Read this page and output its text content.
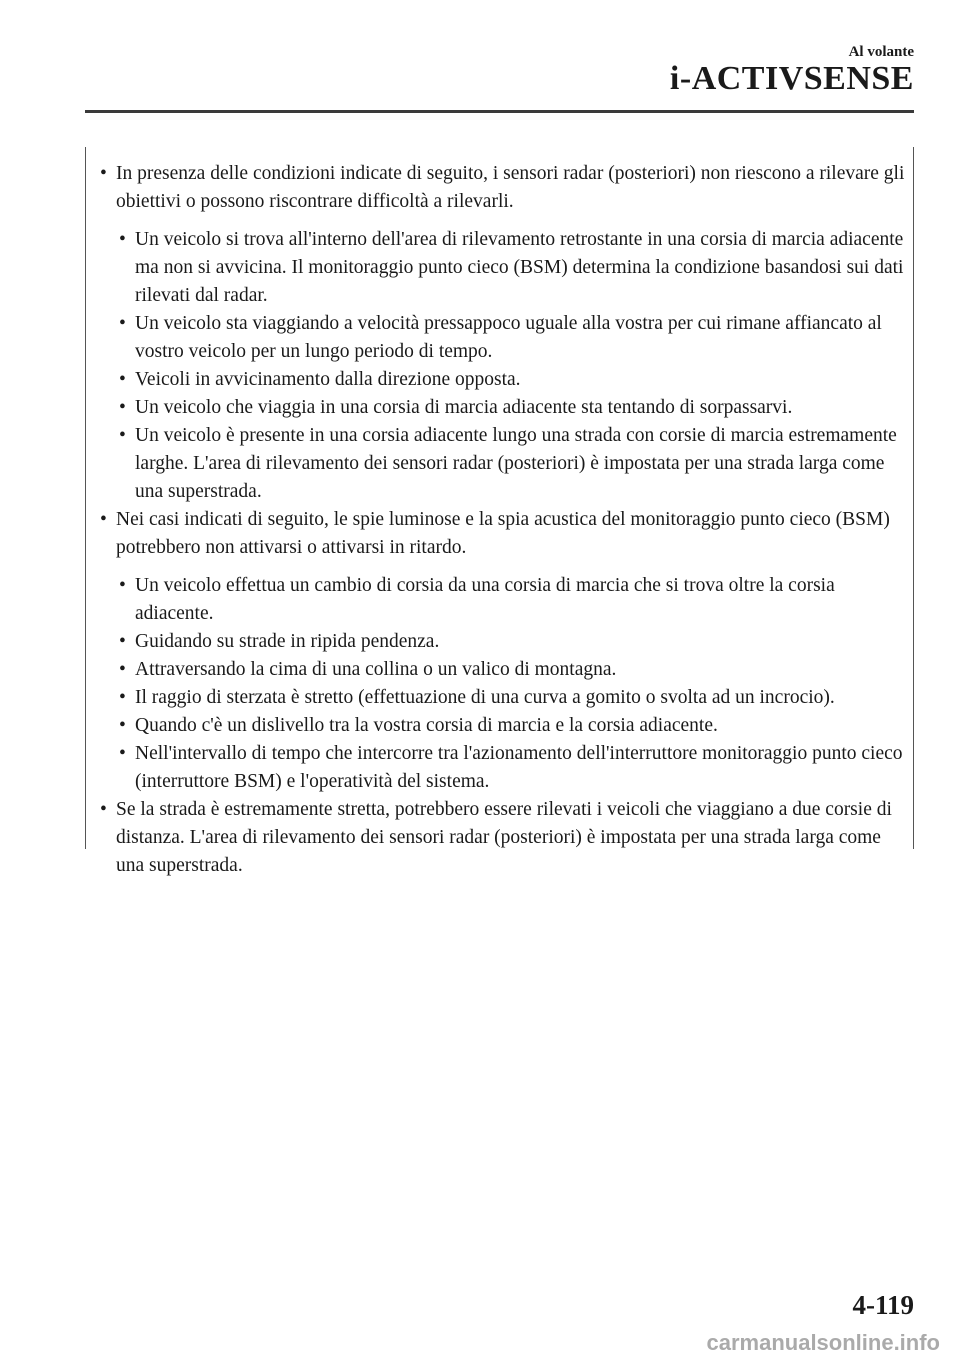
Al volante
i-ACTIVSENSE
• In presenza delle condizioni indicate di seguito, i sensori radar (posteriori) non riescono a rilevare gli obiettivi o possono riscontrare difficoltà a rilevarli.
• Un veicolo si trova all'interno dell'area di rilevamento retrostante in una corsia di marcia adiacente ma non si avvicina. Il monitoraggio punto cieco (BSM) determina la condizione basandosi sui dati rilevati dal radar.
• Un veicolo sta viaggiando a velocità pressappoco uguale alla vostra per cui rimane affiancato al vostro veicolo per un lungo periodo di tempo.
• Veicoli in avvicinamento dalla direzione opposta.
• Un veicolo che viaggia in una corsia di marcia adiacente sta tentando di sorpassarvi.
• Un veicolo è presente in una corsia adiacente lungo una strada con corsie di marcia estremamente larghe. L'area di rilevamento dei sensori radar (posteriori) è impostata per una strada larga come una superstrada.
• Nei casi indicati di seguito, le spie luminose e la spia acustica del monitoraggio punto cieco (BSM) potrebbero non attivarsi o attivarsi in ritardo.
• Un veicolo effettua un cambio di corsia da una corsia di marcia che si trova oltre la corsia adiacente.
• Guidando su strade in ripida pendenza.
• Attraversando la cima di una collina o un valico di montagna.
• Il raggio di sterzata è stretto (effettuazione di una curva a gomito o svolta ad un incrocio).
• Quando c'è un dislivello tra la vostra corsia di marcia e la corsia adiacente.
• Nell'intervallo di tempo che intercorre tra l'azionamento dell'interruttore monitoraggio punto cieco (interruttore BSM) e l'operatività del sistema.
• Se la strada è estremamente stretta, potrebbero essere rilevati i veicoli che viaggiano a due corsie di distanza. L'area di rilevamento dei sensori radar (posteriori) è impostata per una strada larga come una superstrada.
4-119
carmanualsonline.info
